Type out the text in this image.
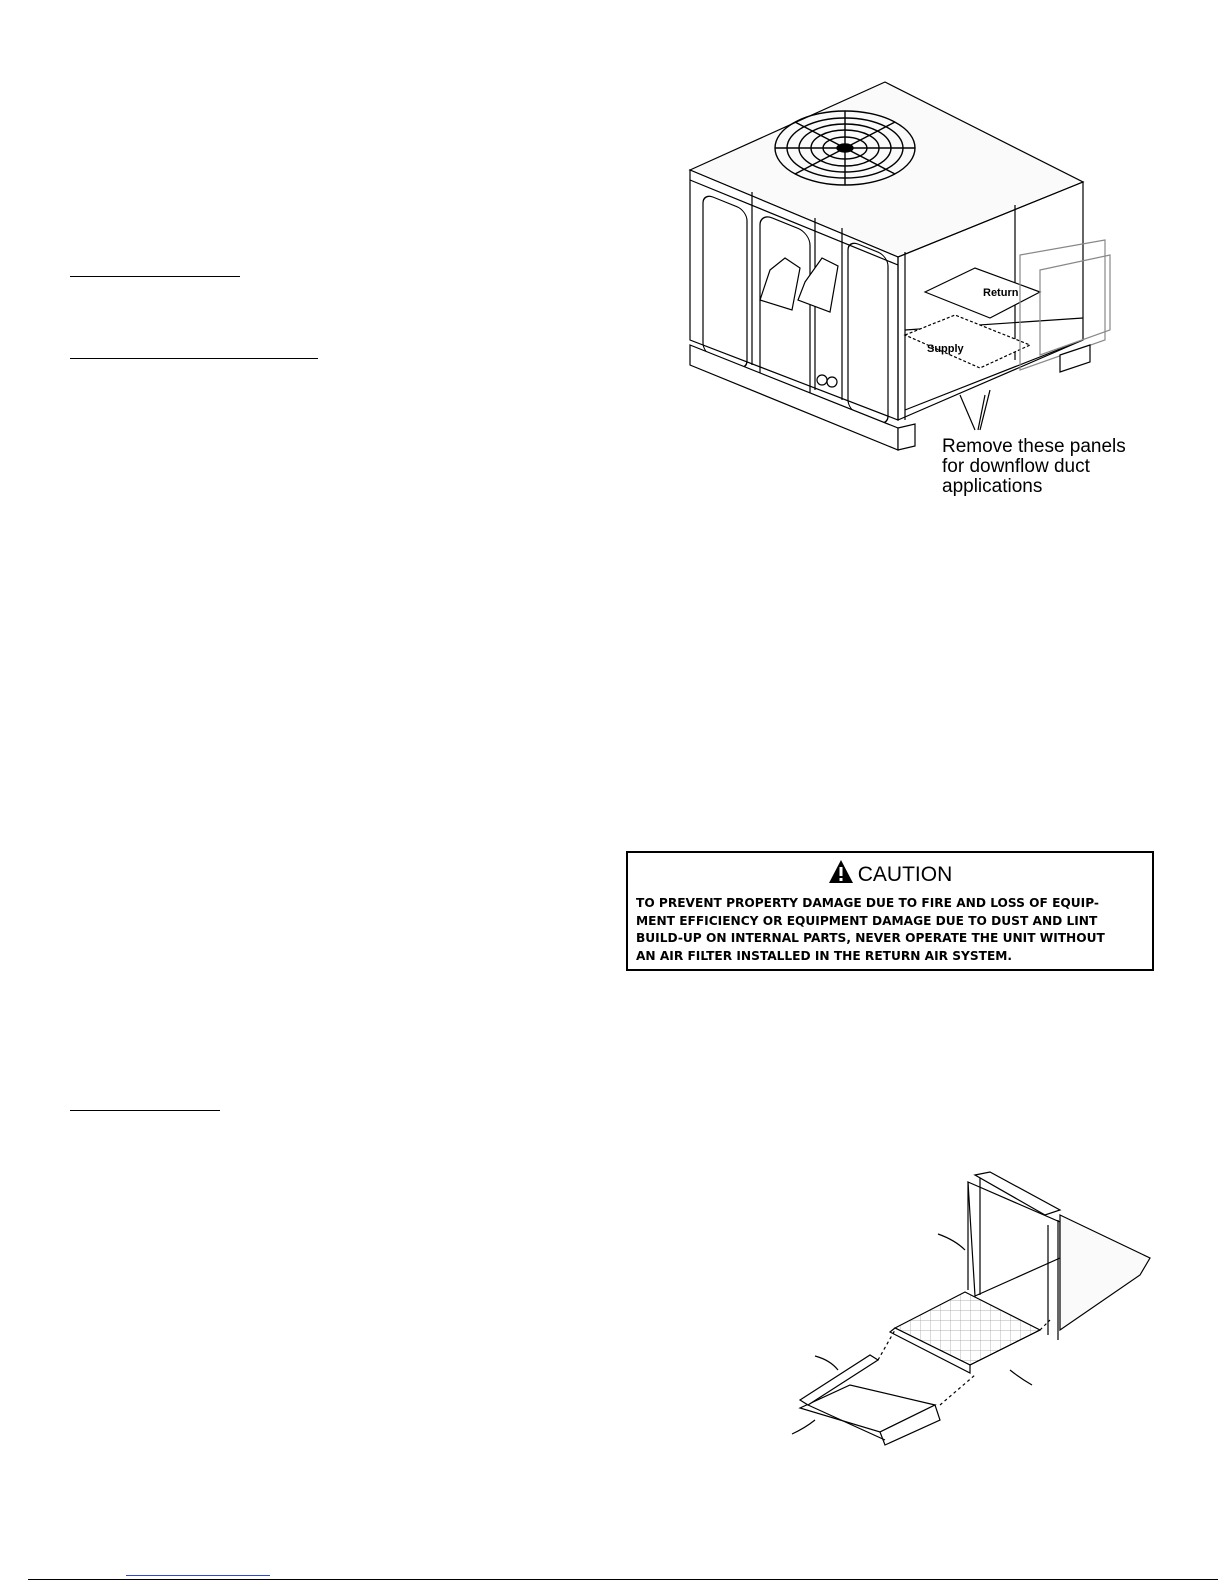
Return
Supply
Remove these panels
for downflow duct
applications
CAUTION
TO PREVENT PROPERTY DAMAGE DUE TO FIRE AND LOSS OF EQUIP-
MENT EFFICIENCY OR EQUIPMENT DAMAGE DUE TO DUST AND LINT
BUILD-UP ON INTERNAL PARTS, NEVER OPERATE THE UNIT WITHOUT
AN AIR FILTER INSTALLED IN THE RETURN AIR SYSTEM.
